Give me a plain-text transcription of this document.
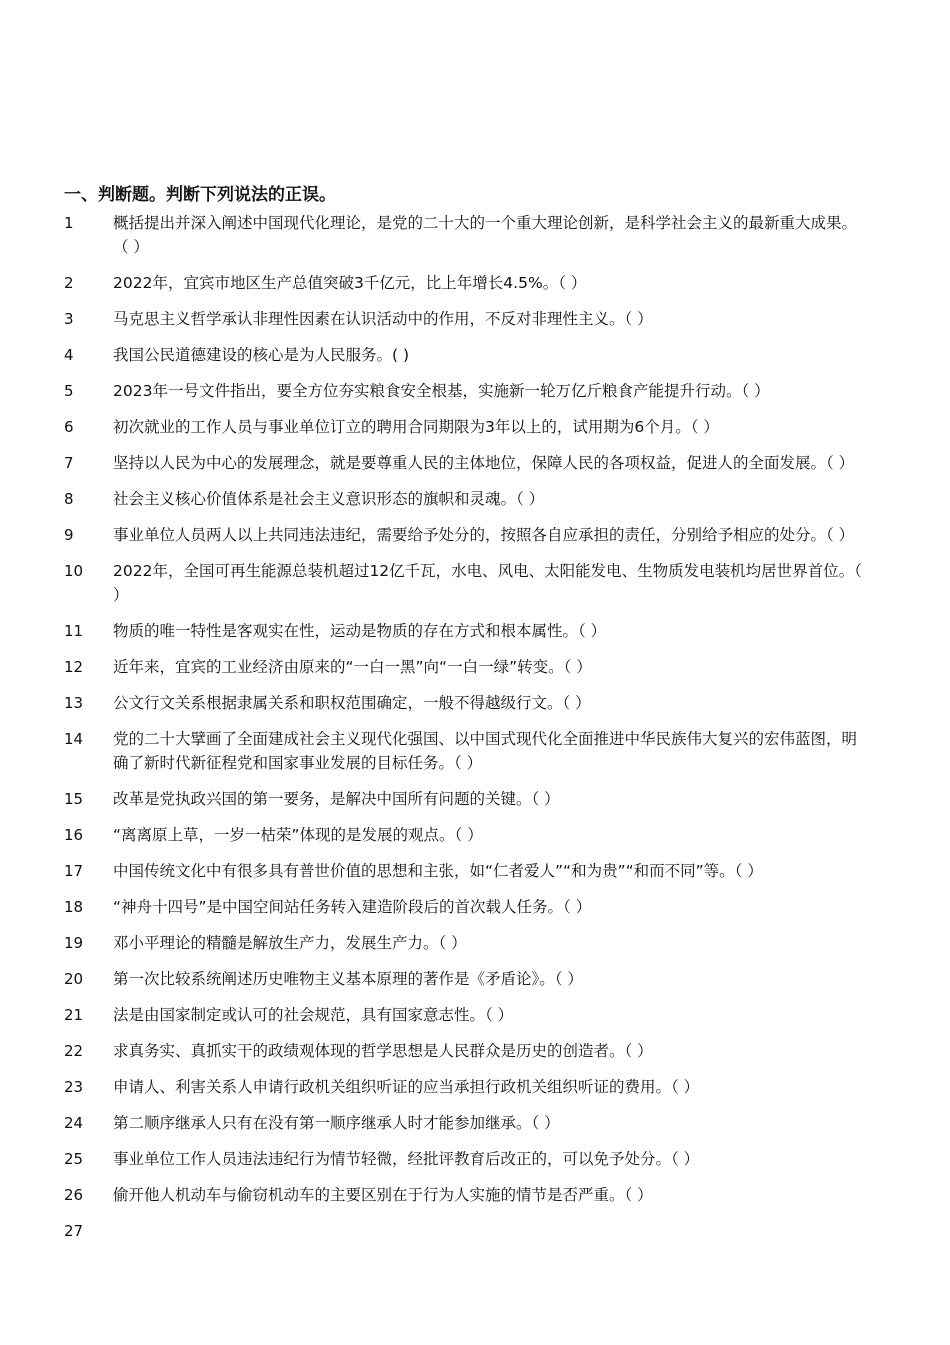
一、判断题。判断下列说法的正误。
1	概括提出并深入阐述中国现代化理论，是党的二十大的一个重大理论创新，是科学社会主义的最新重大成果。（ ）
2	2022年，宜宾市地区生产总值突破3千亿元，比上年增长4.5%。（ ）
3	马克思主义哲学承认非理性因素在认识活动中的作用，不反对非理性主义。（ ）
4	我国公民道德建设的核心是为人民服务。( )
5	2023年一号文件指出，要全方位夯实粮食安全根基，实施新一轮万亿斤粮食产能提升行动。（ ）
6	初次就业的工作人员与事业单位订立的聘用合同期限为3年以上的，试用期为6个月。（ ）
7	坚持以人民为中心的发展理念，就是要尊重人民的主体地位，保障人民的各项权益，促进人的全面发展。（ ）
8	社会主义核心价值体系是社会主义意识形态的旗帜和灵魂。（ ）
9	事业单位人员两人以上共同违法违纪，需要给予处分的，按照各自应承担的责任，分别给予相应的处分。（ ）
10	2022年，全国可再生能源总装机超过12亿千瓦，水电、风电、太阳能发电、生物质发电装机均居世界首位。（ ）
11	物质的唯一特性是客观实在性，运动是物质的存在方式和根本属性。（ ）
12	近年来，宜宾的工业经济由原来的“一白一黑”向“一白一绿”转变。（ ）
13	公文行文关系根据隶属关系和职权范围确定，一般不得越级行文。（ ）
14	党的二十大擘画了全面建成社会主义现代化强国、以中国式现代化全面推进中华民族伟大复兴的宏伟蓝图，明确了新时代新征程党和国家事业发展的目标任务。（ ）
15	改革是党执政兴国的第一要务，是解决中国所有问题的关键。（ ）
16	“离离原上草，一岁一枯荣”体现的是发展的观点。（ ）
17	中国传统文化中有很多具有普世价值的思想和主张，如“仁者爱人”“和为贵”“和而不同”等。（ ）
18	“神舟十四号”是中国空间站任务转入建造阶段后的首次载人任务。（ ）
19	邓小平理论的精髓是解放生产力，发展生产力。（ ）
20	第一次比较系统阐述历史唯物主义基本原理的著作是《矛盾论》。（ ）
21	法是由国家制定或认可的社会规范，具有国家意志性。（ ）
22	求真务实、真抓实干的政绩观体现的哲学思想是人民群众是历史的创造者。（ ）
23	申请人、利害关系人申请行政机关组织听证的应当承担行政机关组织听证的费用。（ ）
24	第二顺序继承人只有在没有第一顺序继承人时才能参加继承。（ ）
25	事业单位工作人员违法违纪行为情节轻微，经批评教育后改正的，可以免予处分。（ ）
26	偷开他人机动车与偷窃机动车的主要区别在于行为人实施的情节是否严重。（ ）
27
